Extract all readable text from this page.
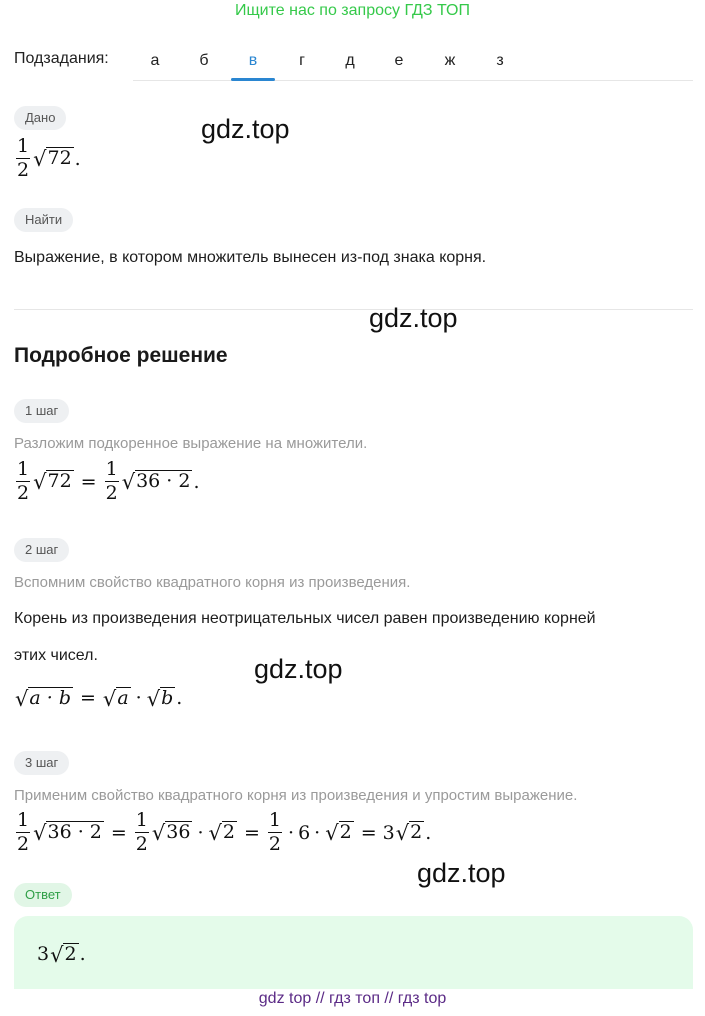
Ищите нас по запросу ГДЗ ТОП
Подзадания:	а	б	в	г	д	е	ж	з
Дано
$\frac{1}{2}$ √ 72 .
Найти
Выражение, в котором множитель вынесен из-под знака корня.
Подробное решение
1 шаг
Разложим подкоренное выражение на множители.
$\frac{1}{2}$ √ $72 = \frac{1}{2}$ √ 36 · 2 .
2 шаг
Вспомним свойство квадратного корня из произведения.
Корень из произведения неотрицательных чисел равен произведению корней
этих чисел.
√ a · b = √ a · √ b .
3 шаг
Применим свойство квадратного корня из произведения и упростим выражение.
$\frac{1}{2}$ √ $36 \cdot 2 = \frac{1}{2}$ √ 36 · √ $2 = \frac{1}{2} \cdot 6$ · √ 2 = 3 √ 2 .
Ответ
3 √ 2 .
gdz.top
gdz.top
gdz.top
gdz.top
gdz top // гдз топ // гдз top
